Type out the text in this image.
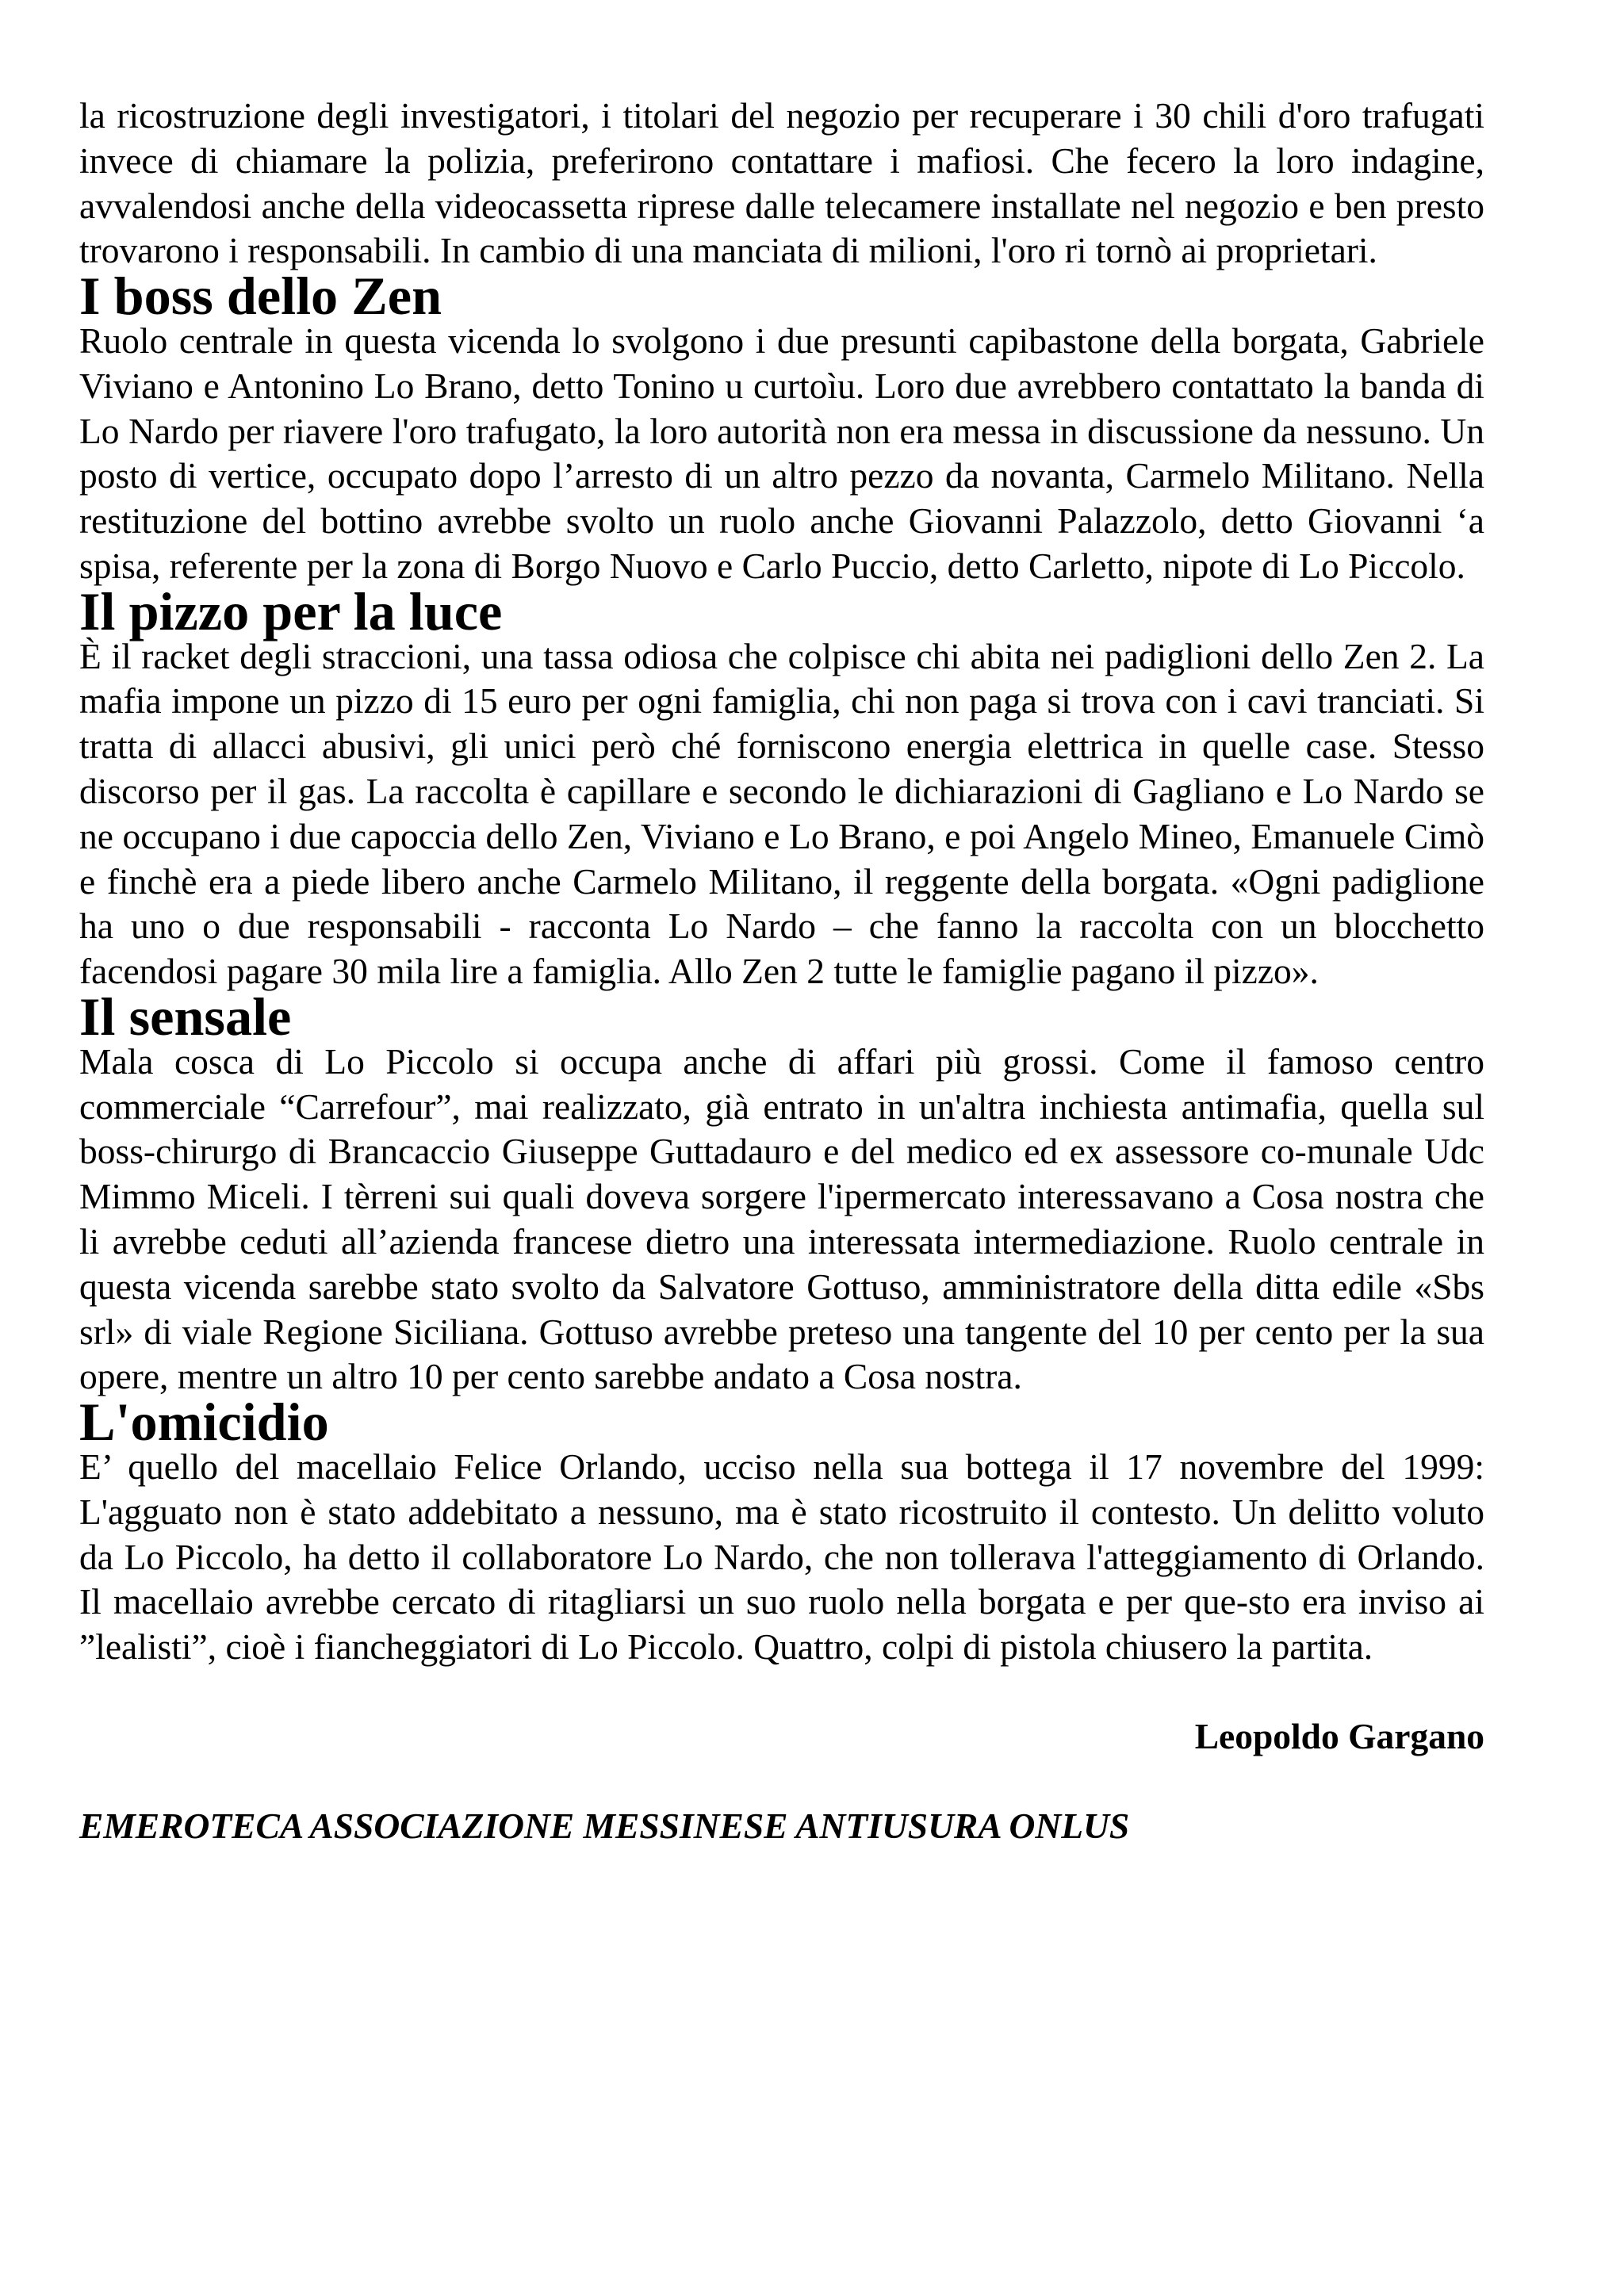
la ricostruzione degli investigatori, i titolari del negozio per recuperare i 30 chili d'oro trafugati invece di chiamare la polizia, preferirono contattare i mafiosi. Che fecero la loro indagine, avvalendosi anche della videocassetta riprese dalle telecamere installate nel negozio e ben presto trovarono i responsabili. In cambio di una manciata di milioni, l'oro ri tornò ai proprietari.

I boss dello Zen

Ruolo centrale in questa vicenda lo svolgono i due presunti capibastone della borgata, Gabriele Viviano e Antonino Lo Brano, detto Tonino u curtoìu. Loro due avrebbero contattato la banda di Lo Nardo per riavere l'oro trafugato, la loro autorità non era messa in discussione da nessuno. Un posto di vertice, occupato dopo l’arresto di un altro pezzo da novanta, Carmelo Militano. Nella restituzione del bottino avrebbe svolto un ruolo anche Giovanni Palazzolo, detto Giovanni ‘a spisa, referente per la zona di Borgo Nuovo e Carlo Puccio, detto Carletto, nipote di Lo Piccolo.

Il pizzo per la luce

È il racket degli straccioni, una tassa odiosa che colpisce chi abita nei padiglioni dello Zen 2. La mafia impone un pizzo di 15 euro per ogni famiglia, chi non paga si trova con i cavi tranciati. Si tratta di allacci abusivi, gli unici però ché forniscono energia elettrica in quelle case. Stesso discorso per il gas. La raccolta è capillare e secondo le dichiarazioni di Gagliano e Lo Nardo se ne occupano i due capoccia dello Zen, Viviano e Lo Brano, e poi Angelo Mineo, Emanuele Cimò e finchè era a piede libero anche Carmelo Militano, il reggente della borgata. «Ogni padiglione ha uno o due responsabili - racconta Lo Nardo – che fanno la raccolta con un blocchetto facendosi pagare 30 mila lire a famiglia. Allo Zen 2 tutte le famiglie pagano il pizzo».

Il sensale

Mala cosca di Lo Piccolo si occupa anche di affari più grossi. Come il famoso centro commerciale “Carrefour”, mai realizzato, già entrato in un'altra inchiesta antimafia, quella sul boss-chirurgo di Brancaccio Giuseppe Guttadauro e del medico ed ex assessore co-munale Udc Mimmo Miceli. I tèrreni sui quali doveva sorgere l'ipermercato interessavano a Cosa nostra che li avrebbe ceduti all’azienda francese dietro una interessata intermediazione. Ruolo centrale in questa vicenda sarebbe stato svolto da Salvatore Gottuso, amministratore della ditta edile «Sbs srl» di viale Regione Siciliana. Gottuso avrebbe preteso una tangente del 10 per cento per la sua opere, mentre un altro 10 per cento sarebbe andato a Cosa nostra.

L'omicidio

E’ quello del macellaio Felice Orlando, ucciso nella sua bottega il 17 novembre del 1999: L'agguato non è stato addebitato a nessuno, ma è stato ricostruito il contesto. Un delitto voluto da Lo Piccolo, ha detto il collaboratore Lo Nardo, che non tollerava l'atteggiamento di Orlando. Il macellaio avrebbe cercato di ritagliarsi un suo ruolo nella borgata e per que-sto era inviso ai ”lealisti”, cioè i fiancheggiatori di Lo Piccolo. Quattro, colpi di pistola chiusero la partita.

Leopoldo Gargano

EMEROTECA ASSOCIAZIONE MESSINESE ANTIUSURA ONLUS
